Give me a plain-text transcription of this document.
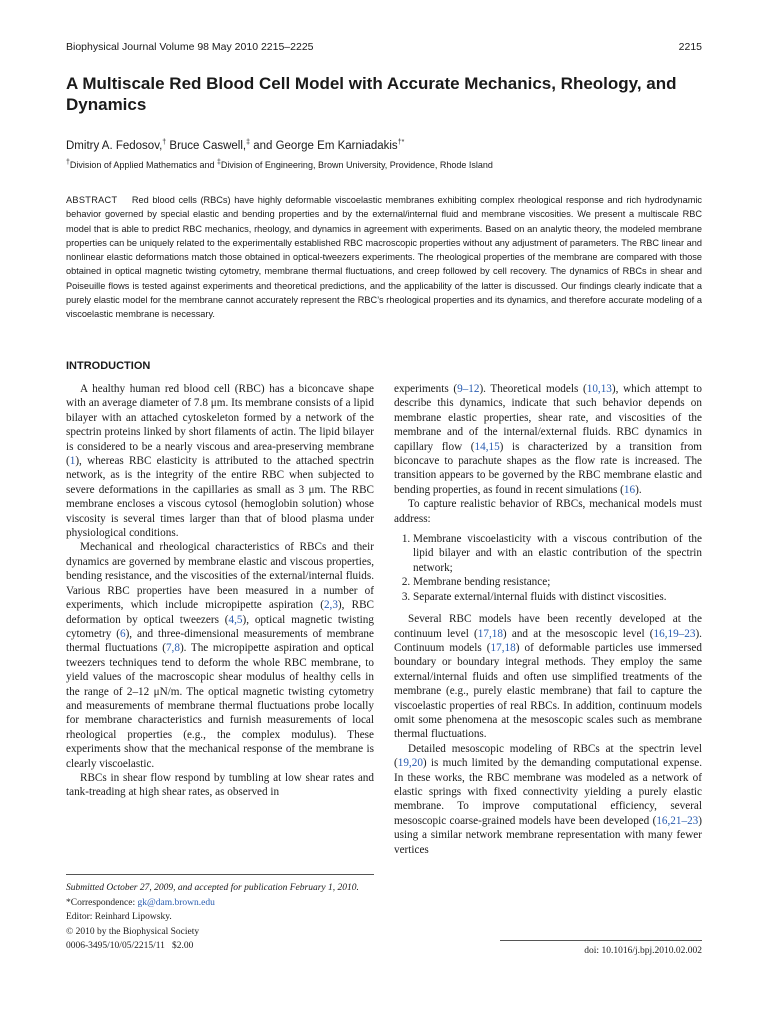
Biophysical Journal Volume 98 May 2010 2215–2225	2215
A Multiscale Red Blood Cell Model with Accurate Mechanics, Rheology, and Dynamics
Dmitry A. Fedosov,† Bruce Caswell,‡ and George Em Karniadakis†*
†Division of Applied Mathematics and ‡Division of Engineering, Brown University, Providence, Rhode Island

ABSTRACT Red blood cells (RBCs) have highly deformable viscoelastic membranes exhibiting complex rheological response and rich hydrodynamic behavior governed by special elastic and bending properties and by the external/internal fluid and membrane viscosities. We present a multiscale RBC model that is able to predict RBC mechanics, rheology, and dynamics in agreement with experiments. Based on an analytic theory, the modeled membrane properties can be uniquely related to the experimentally established RBC macroscopic properties without any adjustment of parameters. The RBC linear and nonlinear elastic deformations match those obtained in optical-tweezers experiments. The rheological properties of the membrane are compared with those obtained in optical magnetic twisting cytometry, membrane thermal fluctuations, and creep followed by cell recovery. The dynamics of RBCs in shear and Poiseuille flows is tested against experiments and theoretical predictions, and the applicability of the latter is discussed. Our findings clearly indicate that a purely elastic model for the membrane cannot accurately represent the RBC’s rheological properties and its dynamics, and therefore accurate modeling of a viscoelastic membrane is necessary.

INTRODUCTION

A healthy human red blood cell (RBC) has a biconcave shape with an average diameter of 7.8 μm. Its membrane consists of a lipid bilayer with an attached cytoskeleton formed by a network of the spectrin proteins linked by short filaments of actin. The lipid bilayer is considered to be a nearly viscous and area-preserving membrane (1), whereas RBC elasticity is attributed to the attached spectrin network, as is the integrity of the entire RBC when subjected to severe deformations in the capillaries as small as 3 μm. The RBC membrane encloses a viscous cytosol (hemoglobin solution) whose viscosity is several times larger than that of blood plasma under physiological conditions.

Mechanical and rheological characteristics of RBCs and their dynamics are governed by membrane elastic and viscous properties, bending resistance, and the viscosities of the external/internal fluids. Various RBC properties have been measured in a number of experiments, which include micropipette aspiration (2,3), RBC deformation by optical tweezers (4,5), optical magnetic twisting cytometry (6), and three-dimensional measurements of membrane thermal fluctuations (7,8). The micropipette aspiration and optical tweezers techniques tend to deform the whole RBC membrane, to yield values of the macroscopic shear modulus of healthy cells in the range of 2–12 μN/m. The optical magnetic twisting cytometry and measurements of membrane thermal fluctuations probe locally for membrane characteristics and furnish measurements of local rheological properties (e.g., the complex modulus). These experiments show that the mechanical response of the membrane is clearly viscoelastic.

RBCs in shear flow respond by tumbling at low shear rates and tank-treading at high shear rates, as observed in

experiments (9–12). Theoretical models (10,13), which attempt to describe this dynamics, indicate that such behavior depends on membrane elastic properties, shear rate, and viscosities of the membrane and of the internal/external fluids. RBC dynamics in capillary flow (14,15) is characterized by a transition from biconcave to parachute shapes as the flow rate is increased. The transition appears to be governed by the RBC membrane elastic and bending properties, as found in recent simulations (16).

To capture realistic behavior of RBCs, mechanical models must address:

1. Membrane viscoelasticity with a viscous contribution of the lipid bilayer and with an elastic contribution of the spectrin network;
2. Membrane bending resistance;
3. Separate external/internal fluids with distinct viscosities.

Several RBC models have been recently developed at the continuum level (17,18) and at the mesoscopic level (16,19–23). Continuum models (17,18) of deformable particles use immersed boundary or boundary integral methods. They employ the same external/internal fluids and often use simplified treatments of the membrane (e.g., purely elastic membrane) that fail to capture the viscoelastic properties of real RBCs. In addition, continuum models omit some phenomena at the mesoscopic scales such as membrane thermal fluctuations.

Detailed mesoscopic modeling of RBCs at the spectrin level (19,20) is much limited by the demanding computational expense. In these works, the RBC membrane was modeled as a network of elastic springs with fixed connectivity yielding a purely elastic membrane. To improve computational efficiency, several mesoscopic coarse-grained models have been developed (16,21–23) using a similar network membrane representation with many fewer vertices

Submitted October 27, 2009, and accepted for publication February 1, 2010.
*Correspondence: gk@dam.brown.edu
Editor: Reinhard Lipowsky.
© 2010 by the Biophysical Society
0006-3495/10/05/2215/11   $2.00	doi: 10.1016/j.bpj.2010.02.002
